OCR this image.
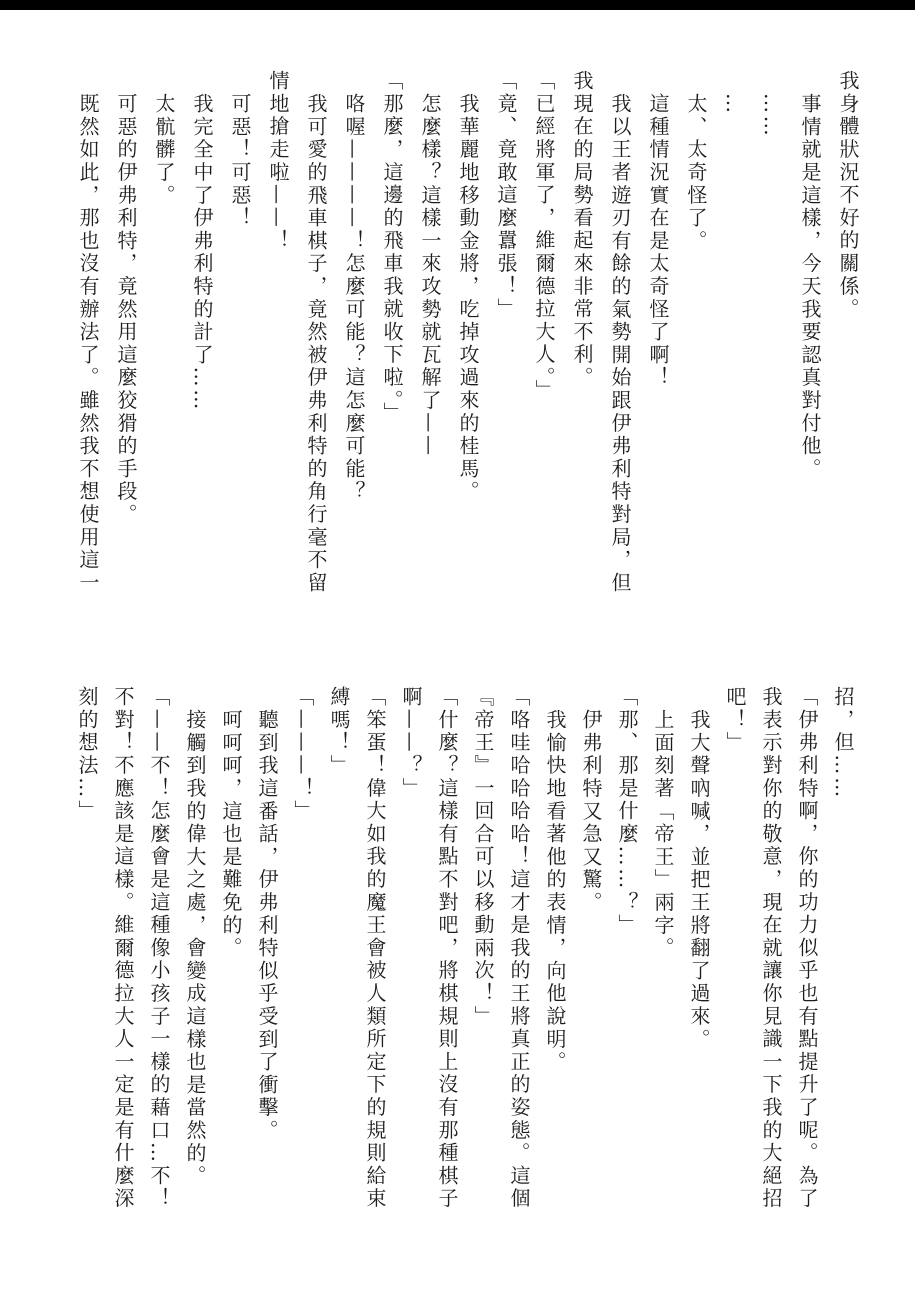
我身體狀況不好的關係。
事情就是這樣，今天我要認真對付他。
……
…
太、太奇怪了。
這種情況實在是太奇怪了啊！
我以王者遊刃有餘的氣勢開始跟伊弗利特對局，但
我現在的局勢看起來非常不利。
「已經將軍了，維爾德拉大人。」
「竟、竟敢這麼囂張！」
我華麗地移動金將，吃掉攻過來的桂馬。
怎麼樣？這樣一來攻勢就瓦解了——
「那麼，這邊的飛車我就收下啦。」
咯喔————！怎麼可能？這怎麼可能？
我可愛的飛車棋子，竟然被伊弗利特的角行毫不留
情地搶走啦——！
可惡！可惡！
我完全中了伊弗利特的計了……
太骯髒了。
可惡的伊弗利特，竟然用這麼狡猾的手段。
既然如此，那也沒有辦法了。雖然我不想使用這一
招，但……
「伊弗利特啊，你的功力似乎也有點提升了呢。為了
我表示對你的敬意，現在就讓你見識一下我的大絕招
吧！」
我大聲吶喊，並把王將翻了過來。
上面刻著「帝王」兩字。
「那、那是什麼……？」
伊弗利特又急又驚。
我愉快地看著他的表情，向他說明。
「咯哇哈哈哈哈！這才是我的王將真正的姿態。這個
『帝王』一回合可以移動兩次！」
「什麼？這樣有點不對吧，將棋規則上沒有那種棋子
啊——？」
「笨蛋！偉大如我的魔王會被人類所定下的規則給束
縛嗎！」
「———！」
聽到我這番話，伊弗利特似乎受到了衝擊。
呵呵呵，這也是難免的。
接觸到我的偉大之處，會變成這樣也是當然的。
「——不！怎麼會是這種像小孩子一樣的藉口…不！
不對！不應該是這樣。維爾德拉大人一定是有什麼深
刻的想法…」
